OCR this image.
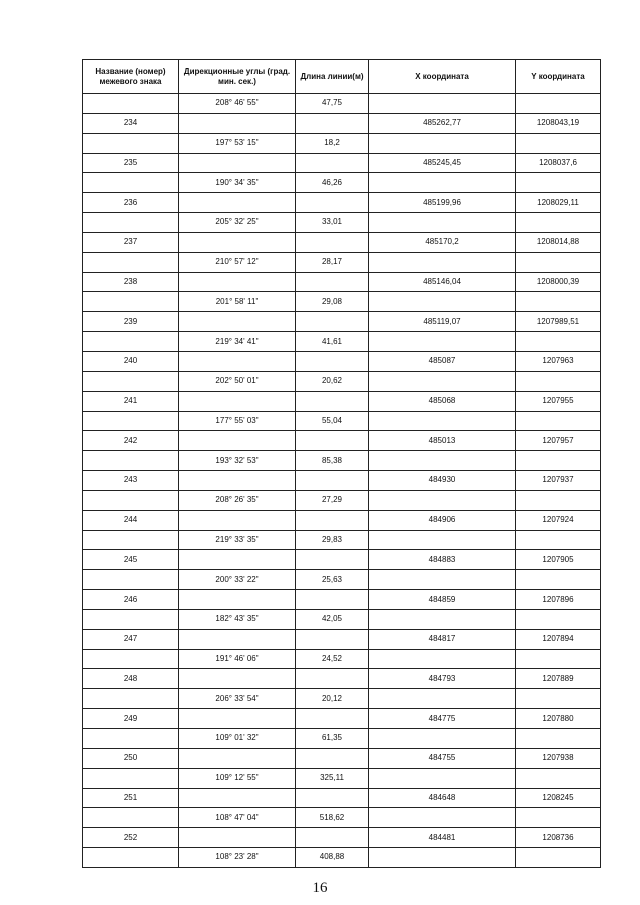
Название (номер) межевого знака	Дирекционные углы (град. мин. сек.)	Длина линии(м)	X координата	Y координата
	208° 46' 55"	47,75		
234			485262,77	1208043,19
	197° 53' 15"	18,2		
235			485245,45	1208037,6
	190° 34' 35"	46,26		
236			485199,96	1208029,11
	205° 32' 25"	33,01		
237			485170,2	1208014,88
	210° 57' 12"	28,17		
238			485146,04	1208000,39
	201° 58' 11"	29,08		
239			485119,07	1207989,51
	219° 34' 41"	41,61		
240			485087	1207963
	202° 50' 01"	20,62		
241			485068	1207955
	177° 55' 03"	55,04		
242			485013	1207957
	193° 32' 53"	85,38		
243			484930	1207937
	208° 26' 35"	27,29		
244			484906	1207924
	219° 33' 35"	29,83		
245			484883	1207905
	200° 33' 22"	25,63		
246			484859	1207896
	182° 43' 35"	42,05		
247			484817	1207894
	191° 46' 06"	24,52		
248			484793	1207889
	206° 33' 54"	20,12		
249			484775	1207880
	109° 01' 32"	61,35		
250			484755	1207938
	109° 12' 55"	325,11		
251			484648	1208245
	108° 47' 04"	518,62		
252			484481	1208736
	108° 23' 28"	408,88		
16
